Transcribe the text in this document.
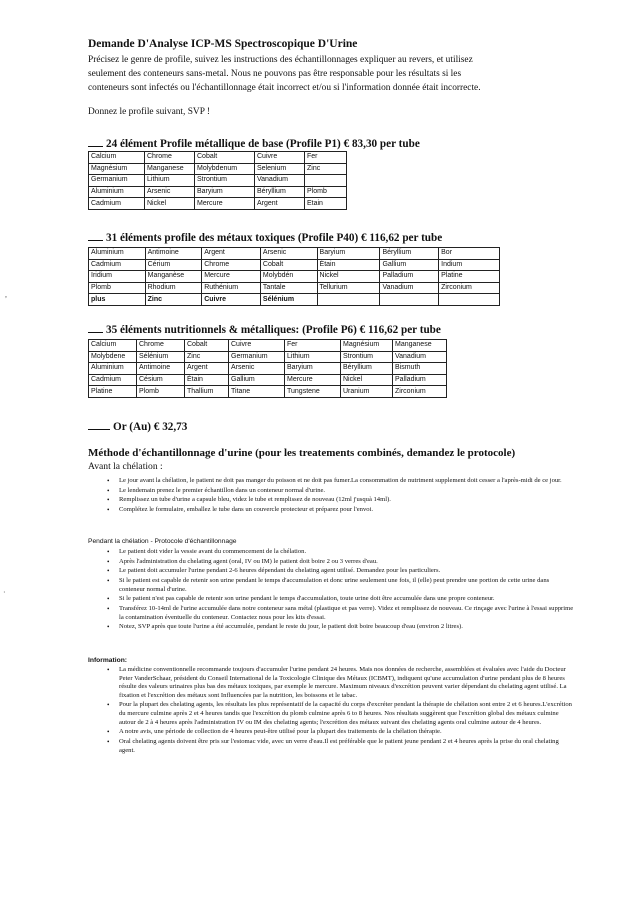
Demande D'Analyse ICP-MS Spectroscopique D'Urine
Précisez le genre de profile, suivez les instructions des échantillonnages expliquer au revers, et utilisez
seulement des conteneurs sans-metal. Nous ne pouvons pas être responsable pour les résultats si les
conteneurs sont infectés ou l'échantillonnage était incorrect et/ou si l'information donnée était incorrecte.
Donnez le profile suivant, SVP !
24 élément Profile métallique de base (Profile P1) € 83,30 per tube
Calcium	Chrome	Cobalt	Cuivre	Fer
Magnésium	Manganese	Molybdenum	Selenium	Zinc
Germanium	Lithium	Strontium	Vanadium	
Aluminium	Arsenic	Baryium	Béryllium	Plomb
Cadmium	Nickel	Mercure	Argent	Etain
31 éléments profile des métaux toxiques (Profile P40) € 116,62 per tube
Aluminium	Antimoine	Argent	Arsenic	Baryium	Béryllium	Bor
Cadmium	Cérium	Chrome	Cobalt	Étain	Gallium	Indium
Iridium	Manganèse	Mercure	Molybdén	Nickel	Palladium	Platine
Plomb	Rhodium	Ruthénium	Tantale	Tellurium	Vanadium	Zirconium
plus	Zinc	Cuivre	Sélénium			
35 éléments nutritionnels & métalliques: (Profile P6) € 116,62 per tube
Calcium	Chrome	Cobalt	Cuivre	Fer	Magnésium	Manganese
Molybdene	Sélénium	Zinc	Germanium	Lithium	Strontium	Vanadium
Aluminium	Antimoine	Argent	Arsenic	Baryium	Béryllium	Bismuth
Cadmium	Césium	Étain	Gallium	Mercure	Nickel	Palladium
Platine	Plomb	Thallium	Titane	Tungstene	Uranium	Zirconium
Or (Au) € 32,73
Méthode d'échantillonnage d'urine (pour les treatements combinés, demandez le protocole)
Avant la chélation :
• Le jour avant la chélation, le patient ne doit pas manger du poisson et ne doit pas fumer.La consommation de nutriment supplement doit cesser a l'après-midi de ce jour.
• Le lendemain prenez le premier échantillon dans un conteneur normal d'urine.
• Remplissez un tube d'urine a capsule bleu, videz le tube et remplissez de nouveau (12ml j'usquà 14ml).
• Complétez le formulaire, emballez le tube dans un couvercle protecteur et préparez pour l'envoi.
Pendant la chélation - Protocole d'échantillonnage
• Le patient doit vider la vessie avant du commencement de la chélation.
• Après l'administration du chelating agent (oral, IV ou IM) le patient doit boire 2 ou 3 verres d'eau.
• Le patient doit accumuler l'urine pendant 2-6 heures dépendant du chelating agent utilisé. Demandez pour les particuliers.
• Si le patient est capable de retenir son urine pendant le temps d'accumulation et donc urine seulement une fois, il (elle) peut prendre une portion de cette urine dans conteneur normal d'urine.
• Si le patient n'est pas capable de retenir son urine pendant le temps d'accumulation, toute urine doit être accumulée dans une propre conteneur.
• Transférez 10-14ml de l'urine accumulée dans notre conteneur sans métal (plastique et pas verre). Videz et remplissez de nouveau. Ce rinçage avec l'urine à l'essai supprime la contamination éventuelle du conteneur. Contactez nous pour les kits d'essai.
• Notez, SVP après que toute l'urine a été accumulée, pendant le reste du jour, le patient doit boire beaucoup d'eau (environ 2 litres).
Information:
• La médicine conventionnelle recommande toujours d'accumuler l'urine pendant 24 heures. Mais nos données de recherche, assemblées et évaluées avec l'aide du Docteur Peter VanderSchaar, président du Conseil International de la Toxicologie Clinique des Métaux (ICBMT), indiquent qu'une accumulation d'urine pendant plus de 8 heures résulte des valeurs urinaires plus bas des métaux toxiques, par exemple le mercure. Maximum niveaux d'excrétion peuvent varier dépendant du chelating agent utilisé. La fixation et l'excrétion des métaux sont Influencées par la nutrition, les boissons et le tabac.
• Pour la plupart des chelating agents, les résultats les plus représentatif de la capacité du corps d'excréter pendant la thérapie de chélation sont entre 2 et 6 heures.L'excrétion du mercure culmine après 2 et 4 heures tandis que l'excrétion du plomb culmine après 6 to 8 heures. Nos résultats suggèrent que l'excrétion global des métaux culmine autour de 2 à 4 heures après l'administration IV ou IM des chelating agents; l'excrétion des métaux suivant des chelating agents oral culmine autour de 4 heures.
• A notre avis, une période de collection de 4 heures peut-être utilisé pour la plupart des traitements de la chélation thérapie.
• Oral chelating agents doivent être pris sur l'estomac vide, avec un verre d'eau.Il est préférable que le patient jeune pendant 2 et 4 heures après la prise du oral chelating agent.
,
·
